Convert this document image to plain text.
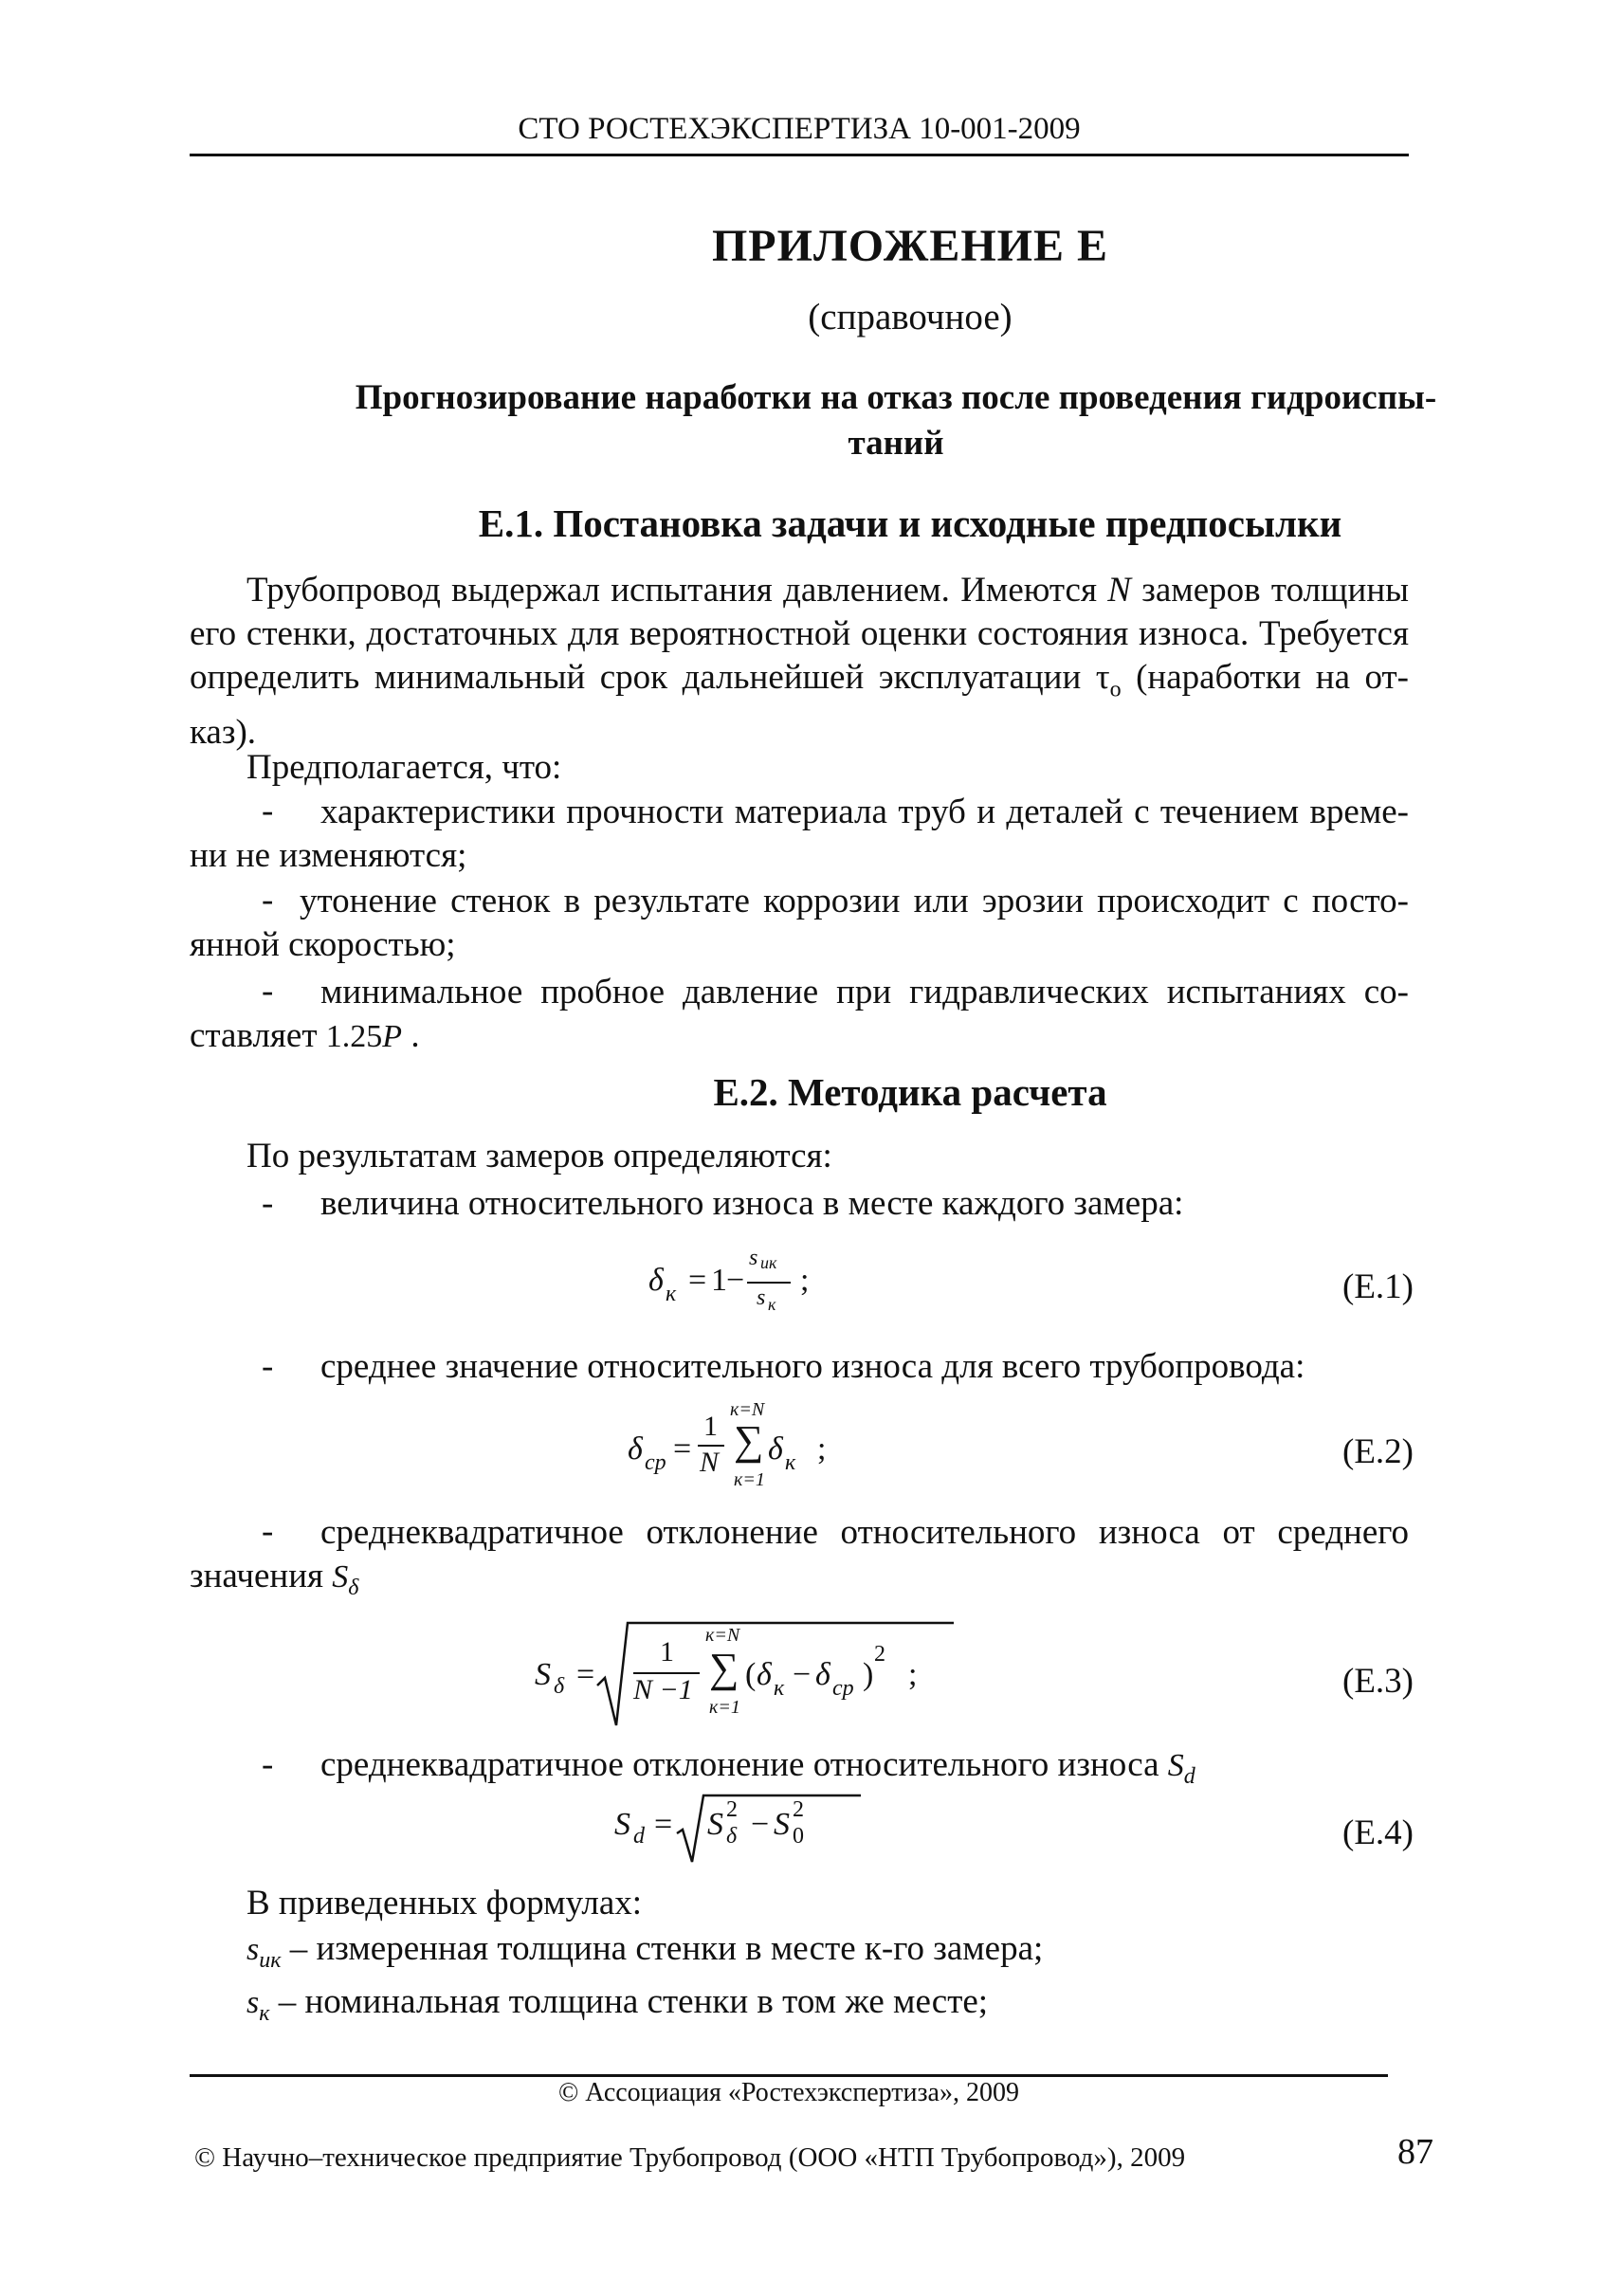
СТО РОСТЕХЭКСПЕРТИЗА 10-001-2009
ПРИЛОЖЕНИЕ Е
(справочное)
Прогнозирование наработки на отказ после проведения гидроиспы-
таний
Е.1. Постановка задачи и исходные предпосылки
Трубопровод выдержал испытания давлением. Имеются N замеров толщины
его стенки, достаточных для вероятностной оценки состояния износа. Требуется
определить минимальный срок дальнейшей эксплуатации $\tau_o$ (наработки на от-
каз).
Предполагается, что:
-	характеристики прочности материала труб и деталей с течением време-
ни не изменяются;
- утонение стенок в результате коррозии или эрозии происходит с посто-
янной скоростью;
-	минимальное пробное давление при гидравлических испытаниях со-
ставляет 1.25P .
Е.2. Методика расчета
По результатам замеров определяются:
- величина относительного износа в месте каждого замера:
δ к = 1 −
s ик
s к
;	(E.1)
- среднее значение относительного износа для всего трубопровода:
δ cp =
1
N
к=N
∑
к=1
δ к ;	(E.2)
-	среднеквадратичное отклонение относительного износа от среднего
значения $S_\delta$
S δ =
1
N −1
к=N
∑
к=1
( δ к − δ cp )
2
;	(E.3)
- среднеквадратичное отклонение относительного износа $S_d$
S d = S 2
δ − S 2
0	(E.4)
В приведенных формулах:
$s_{ик}$ – измеренная толщина стенки в месте к-го замера;
$s_к$ – номинальная толщина стенки в том же месте;
© Ассоциация «Ростехэкспертиза», 2009
© Научно–техническое предприятие Трубопровод (ООО «НТП Трубопровод»), 2009	87
